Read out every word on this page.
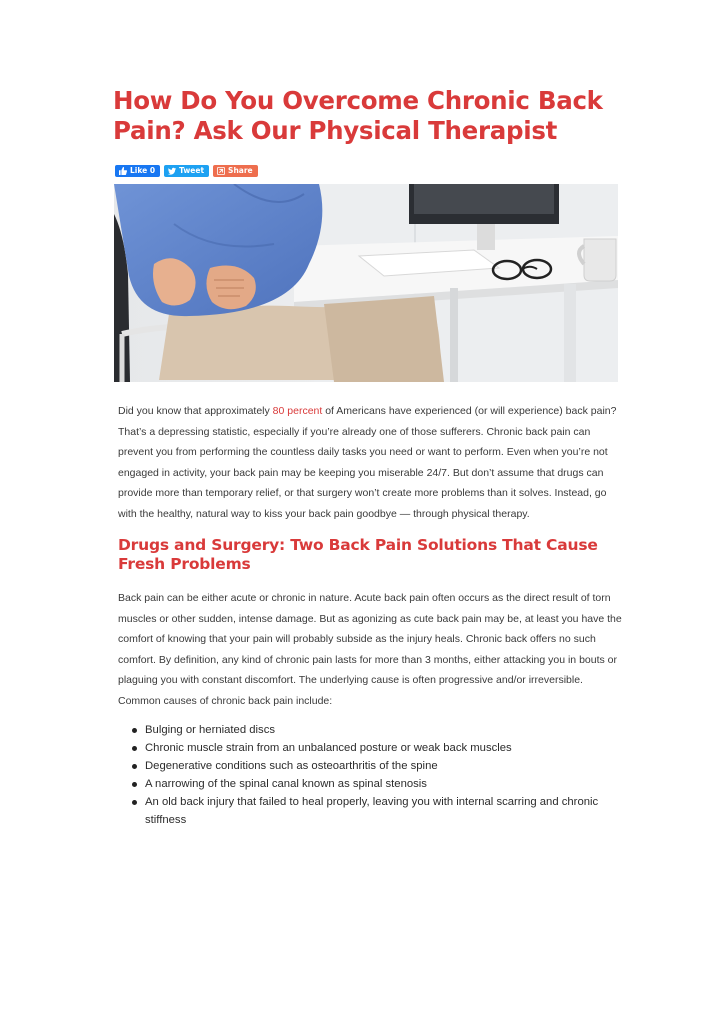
How Do You Overcome Chronic Back Pain? Ask Our Physical Therapist
Like 0	Tweet	Share

Did you know that approximately 80 percent of Americans have experienced (or will experience) back pain? That’s a depressing statistic, especially if you’re already one of those sufferers. Chronic back pain can prevent you from performing the countless daily tasks you need or want to perform. Even when you’re not engaged in activity, your back pain may be keeping you miserable 24/7. But don’t assume that drugs can provide more than temporary relief, or that surgery won’t create more problems than it solves. Instead, go with the healthy, natural way to kiss your back pain goodbye — through physical therapy.

Drugs and Surgery: Two Back Pain Solutions That Cause Fresh Problems

Back pain can be either acute or chronic in nature. Acute back pain often occurs as the direct result of torn muscles or other sudden, intense damage. But as agonizing as cute back pain may be, at least you have the comfort of knowing that your pain will probably subside as the injury heals. Chronic back offers no such comfort. By definition, any kind of chronic pain lasts for more than 3 months, either attacking you in bouts or plaguing you with constant discomfort. The underlying cause is often progressive and/or irreversible. Common causes of chronic back pain include:

Bulging or herniated discs
Chronic muscle strain from an unbalanced posture or weak back muscles
Degenerative conditions such as osteoarthritis of the spine
A narrowing of the spinal canal known as spinal stenosis
An old back injury that failed to heal properly, leaving you with internal scarring and chronic stiffness
